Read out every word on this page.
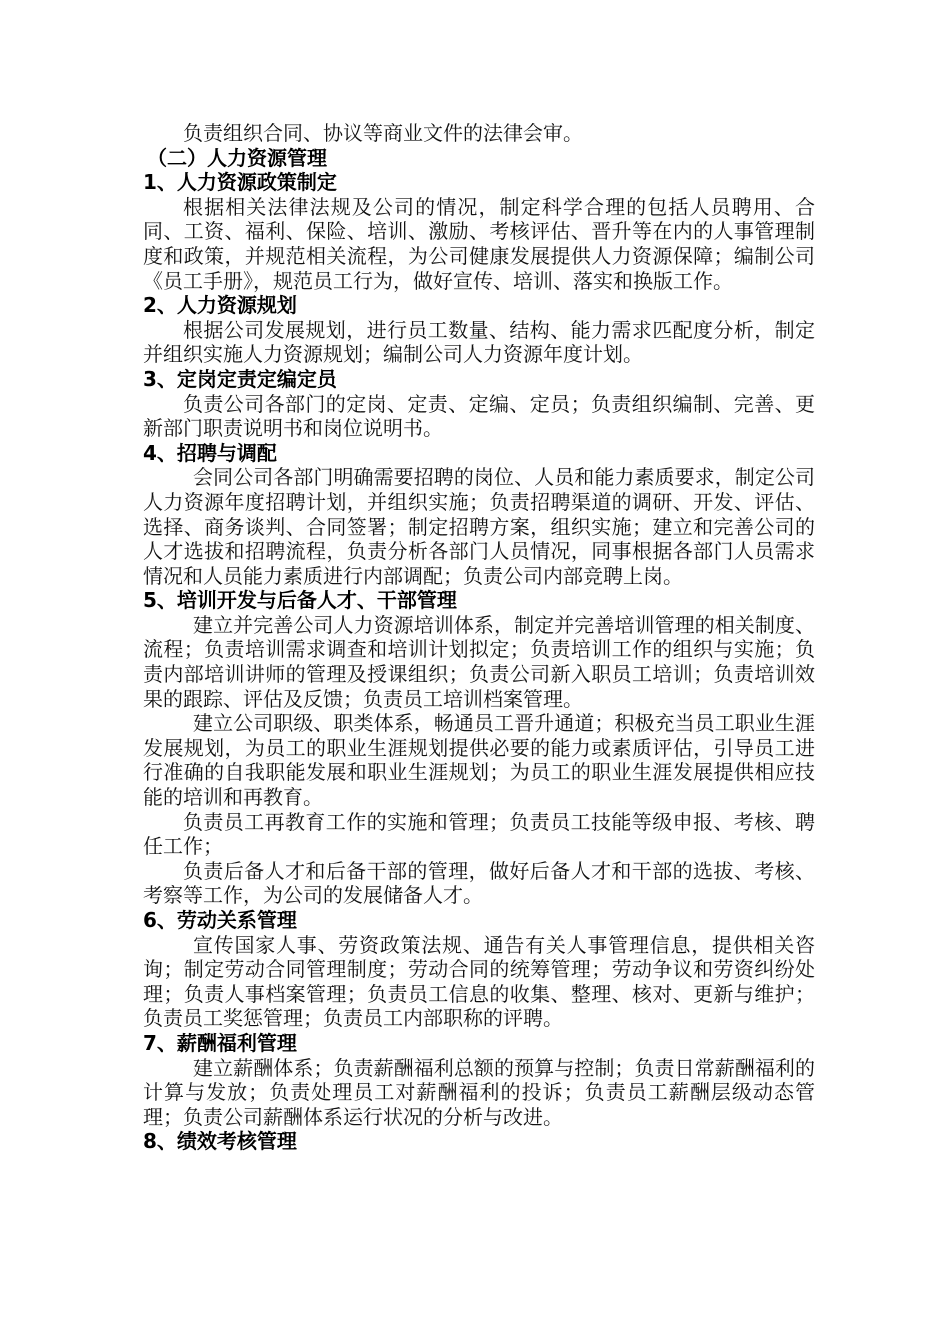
负责组织合同、协议等商业文件的法律会审。

（二）人力资源管理
1、人力资源政策制定

根据相关法律法规及公司的情况，制定科学合理的包括人员聘用、合同、工资、福利、保险、培训、激励、考核评估、晋升等在内的人事管理制度和政策，并规范相关流程，为公司健康发展提供人力资源保障；编制公司《员工手册》，规范员工行为，做好宣传、培训、落实和换版工作。

2、人力资源规划

根据公司发展规划，进行员工数量、结构、能力需求匹配度分析，制定并组织实施人力资源规划；编制公司人力资源年度计划。

3、定岗定责定编定员

负责公司各部门的定岗、定责、定编、定员；负责组织编制、完善、更新部门职责说明书和岗位说明书。

4、招聘与调配

会同公司各部门明确需要招聘的岗位、人员和能力素质要求，制定公司人力资源年度招聘计划，并组织实施；负责招聘渠道的调研、开发、评估、选择、商务谈判、合同签署；制定招聘方案，组织实施；建立和完善公司的人才选拔和招聘流程，负责分析各部门人员情况，同事根据各部门人员需求情况和人员能力素质进行内部调配；负责公司内部竞聘上岗。

5、培训开发与后备人才、干部管理

建立并完善公司人力资源培训体系，制定并完善培训管理的相关制度、流程；负责培训需求调查和培训计划拟定；负责培训工作的组织与实施；负责内部培训讲师的管理及授课组织；负责公司新入职员工培训；负责培训效果的跟踪、评估及反馈；负责员工培训档案管理。

建立公司职级、职类体系，畅通员工晋升通道；积极充当员工职业生涯发展规划，为员工的职业生涯规划提供必要的能力或素质评估，引导员工进行准确的自我职能发展和职业生涯规划；为员工的职业生涯发展提供相应技能的培训和再教育。

负责员工再教育工作的实施和管理；负责员工技能等级申报、考核、聘任工作；

负责后备人才和后备干部的管理，做好后备人才和干部的选拔、考核、考察等工作，为公司的发展储备人才。

6、劳动关系管理

宣传国家人事、劳资政策法规、通告有关人事管理信息，提供相关咨询；制定劳动合同管理制度；劳动合同的统筹管理；劳动争议和劳资纠纷处理；负责人事档案管理；负责员工信息的收集、整理、核对、更新与维护；负责员工奖惩管理；负责员工内部职称的评聘。

7、薪酬福利管理

建立薪酬体系；负责薪酬福利总额的预算与控制；负责日常薪酬福利的计算与发放；负责处理员工对薪酬福利的投诉；负责员工薪酬层级动态管理；负责公司薪酬体系运行状况的分析与改进。

8、绩效考核管理
